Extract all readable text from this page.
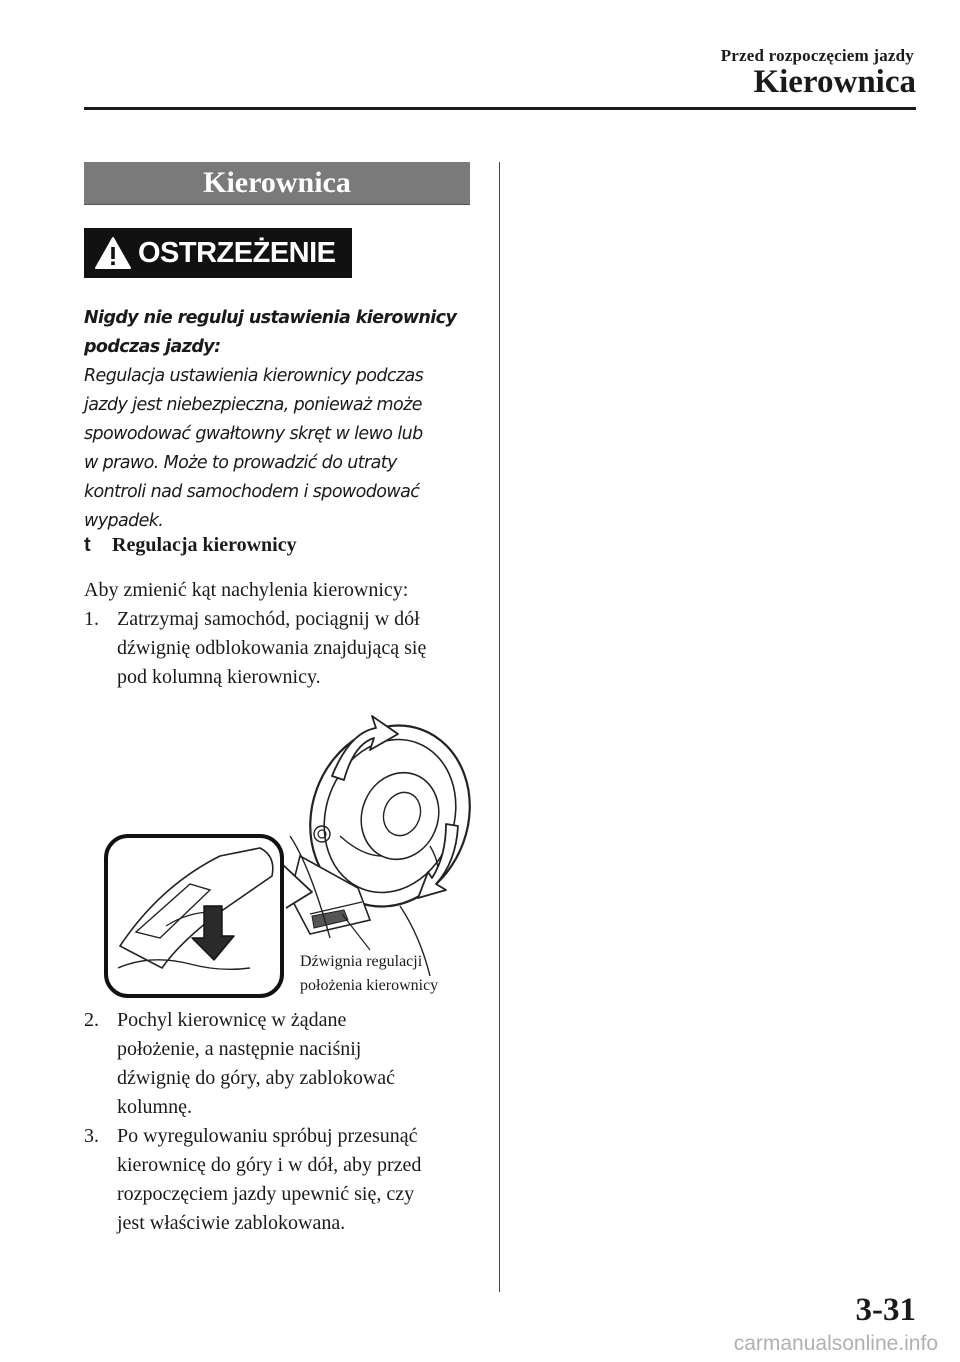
Przed rozpoczęciem jazdy
Kierownica
Kierownica
OSTRZEŻENIE
Nigdy nie reguluj ustawienia kierownicy
podczas jazdy:
Regulacja ustawienia kierownicy podczas
jazdy jest niebezpieczna, ponieważ może
spowodować gwałtowny skręt w lewo lub
w prawo. Może to prowadzić do utraty
kontroli nad samochodem i spowodować
wypadek.
t	Regulacja kierownicy
Aby zmienić kąt nachylenia kierownicy:
1. Zatrzymaj samochód, pociągnij w dół
dźwignię odblokowania znajdującą się
pod kolumną kierownicy.
Dźwignia regulacji
położenia kierownicy
2. Pochyl kierownicę w żądane
położenie, a następnie naciśnij
dźwignię do góry, aby zablokować
kolumnę.
3. Po wyregulowaniu spróbuj przesunąć
kierownicę do góry i w dół, aby przed
rozpoczęciem jazdy upewnić się, czy
jest właściwie zablokowana.
3-31
carmanualsonline.info
